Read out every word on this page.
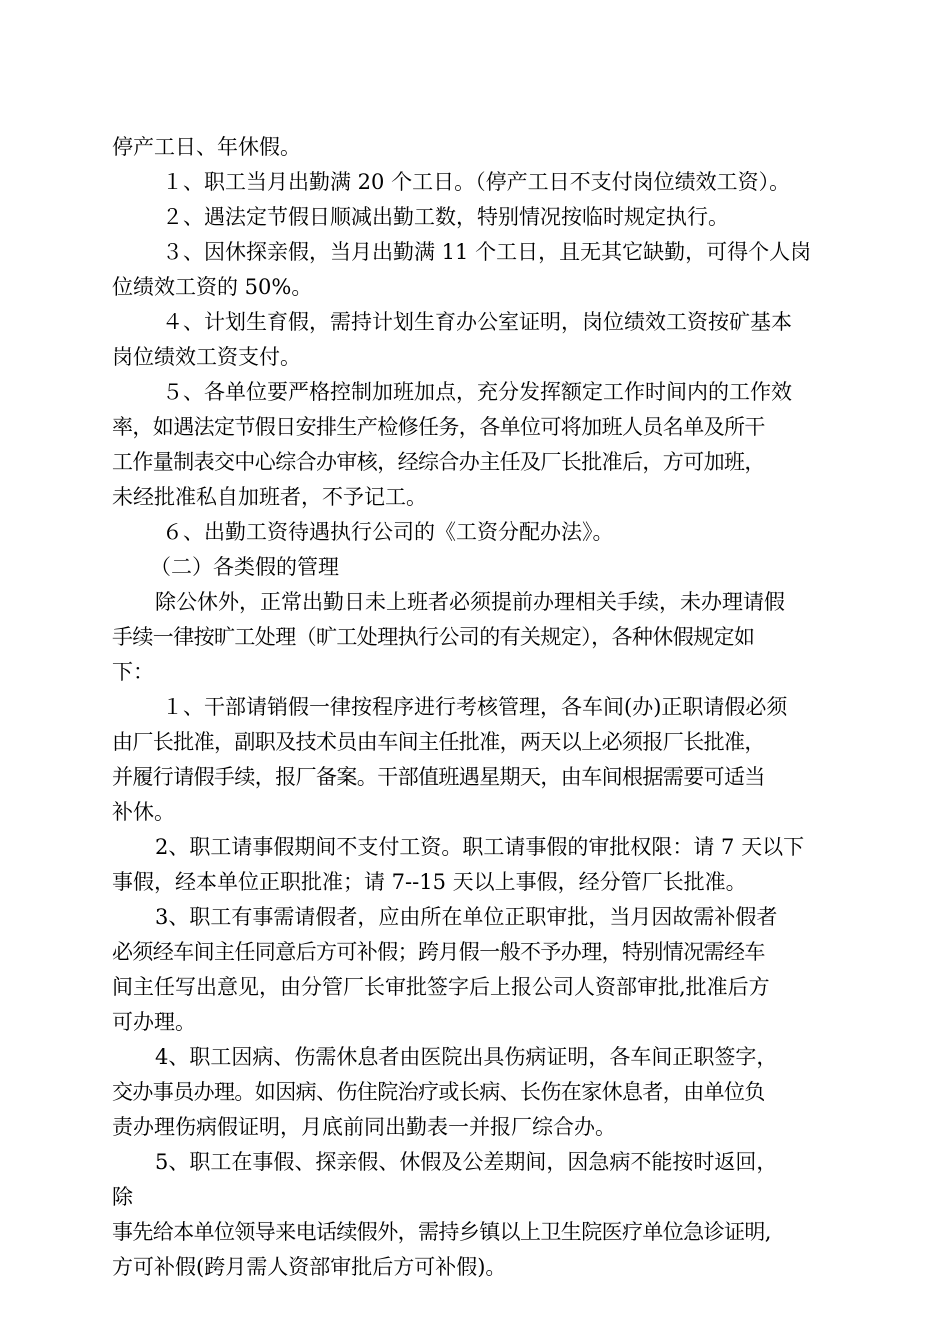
停产工日、年休假。
１、职工当月出勤满 20 个工日。（停产工日不支付岗位绩效工资）。
２、遇法定节假日顺减出勤工数，特别情况按临时规定执行。
３、因休探亲假，当月出勤满 11 个工日，且无其它缺勤，可得个人岗
位绩效工资的 50%。
４、计划生育假，需持计划生育办公室证明，岗位绩效工资按矿基本
岗位绩效工资支付。
５、各单位要严格控制加班加点，充分发挥额定工作时间内的工作效
率，如遇法定节假日安排生产检修任务，各单位可将加班人员名单及所干
工作量制表交中心综合办审核，经综合办主任及厂长批准后，方可加班，
未经批准私自加班者，不予记工。
６、出勤工资待遇执行公司的《工资分配办法》。
（二）各类假的管理
除公休外，正常出勤日未上班者必须提前办理相关手续，未办理请假
手续一律按旷工处理（旷工处理执行公司的有关规定），各种休假规定如
下：
１、干部请销假一律按程序进行考核管理，各车间(办)正职请假必须
由厂长批准，副职及技术员由车间主任批准，两天以上必须报厂长批准，
并履行请假手续，报厂备案。干部值班遇星期天，由车间根据需要可适当
补休。
2、职工请事假期间不支付工资。职工请事假的审批权限：请 7 天以下
事假，经本单位正职批准；请 7--15 天以上事假，经分管厂长批准。
3、职工有事需请假者，应由所在单位正职审批，当月因故需补假者
必须经车间主任同意后方可补假；跨月假一般不予办理，特别情况需经车
间主任写出意见，由分管厂长审批签字后上报公司人资部审批,批准后方
可办理。
4、职工因病、伤需休息者由医院出具伤病证明，各车间正职签字，
交办事员办理。如因病、伤住院治疗或长病、长伤在家休息者，由单位负
责办理伤病假证明，月底前同出勤表一并报厂综合办。
5、职工在事假、探亲假、休假及公差期间，因急病不能按时返回，
除
事先给本单位领导来电话续假外，需持乡镇以上卫生院医疗单位急诊证明,
方可补假(跨月需人资部审批后方可补假)。
